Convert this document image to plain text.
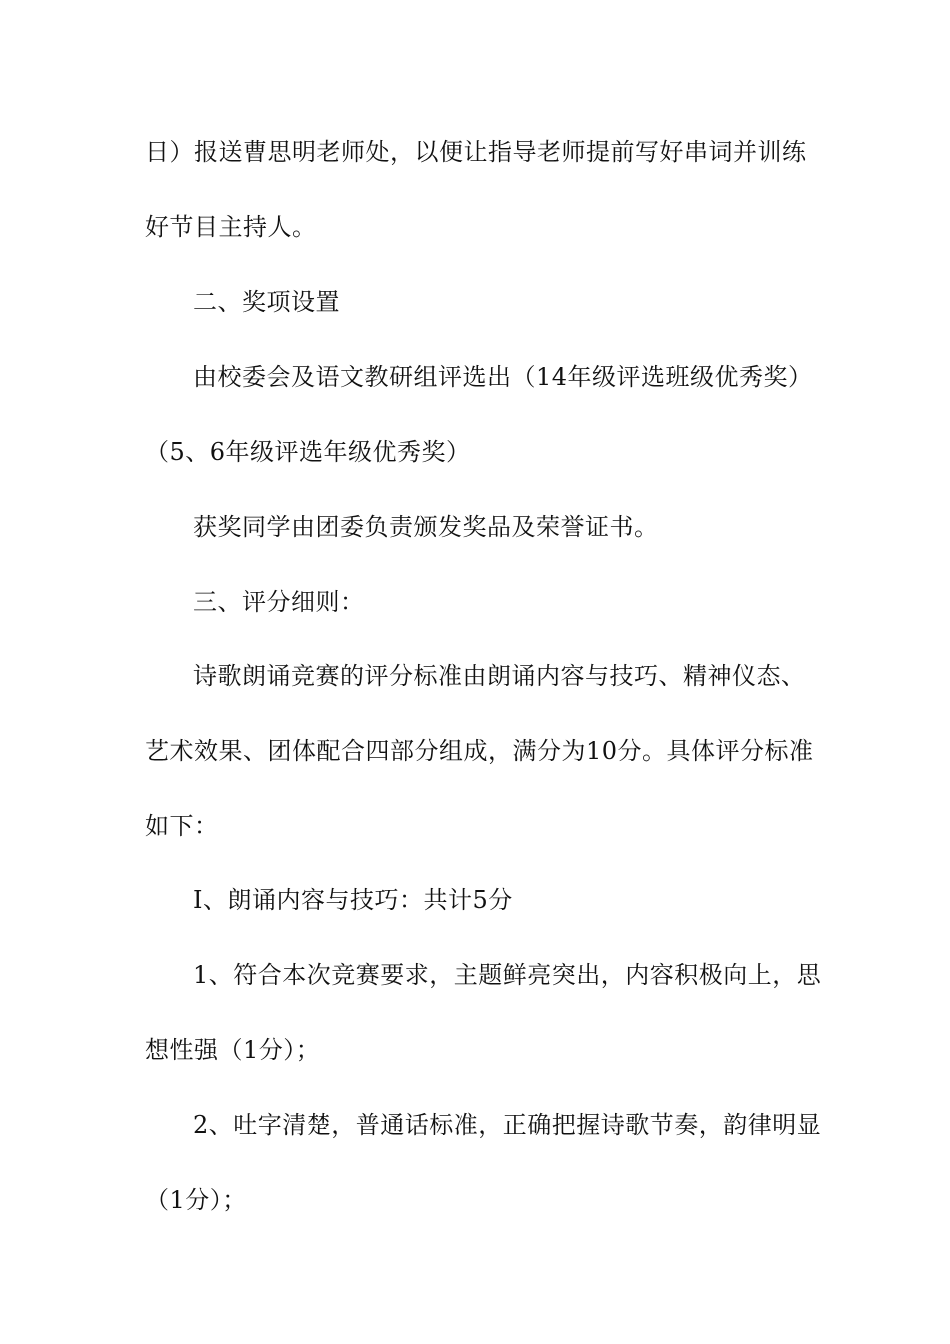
日）报送曹思明老师处，以便让指导老师提前写好串词并训练
好节目主持人。
二、奖项设置
由校委会及语文教研组评选出（14年级评选班级优秀奖）
（5、6年级评选年级优秀奖）
获奖同学由团委负责颁发奖品及荣誉证书。
三、评分细则：
诗歌朗诵竞赛的评分标准由朗诵内容与技巧、精神仪态、
艺术效果、团体配合四部分组成，满分为10分。具体评分标准
如下：
Ⅰ、朗诵内容与技巧：共计5分
1、符合本次竞赛要求，主题鲜亮突出，内容积极向上，思
想性强（1分）；
2、吐字清楚，普通话标准，正确把握诗歌节奏，韵律明显
（1分）；
